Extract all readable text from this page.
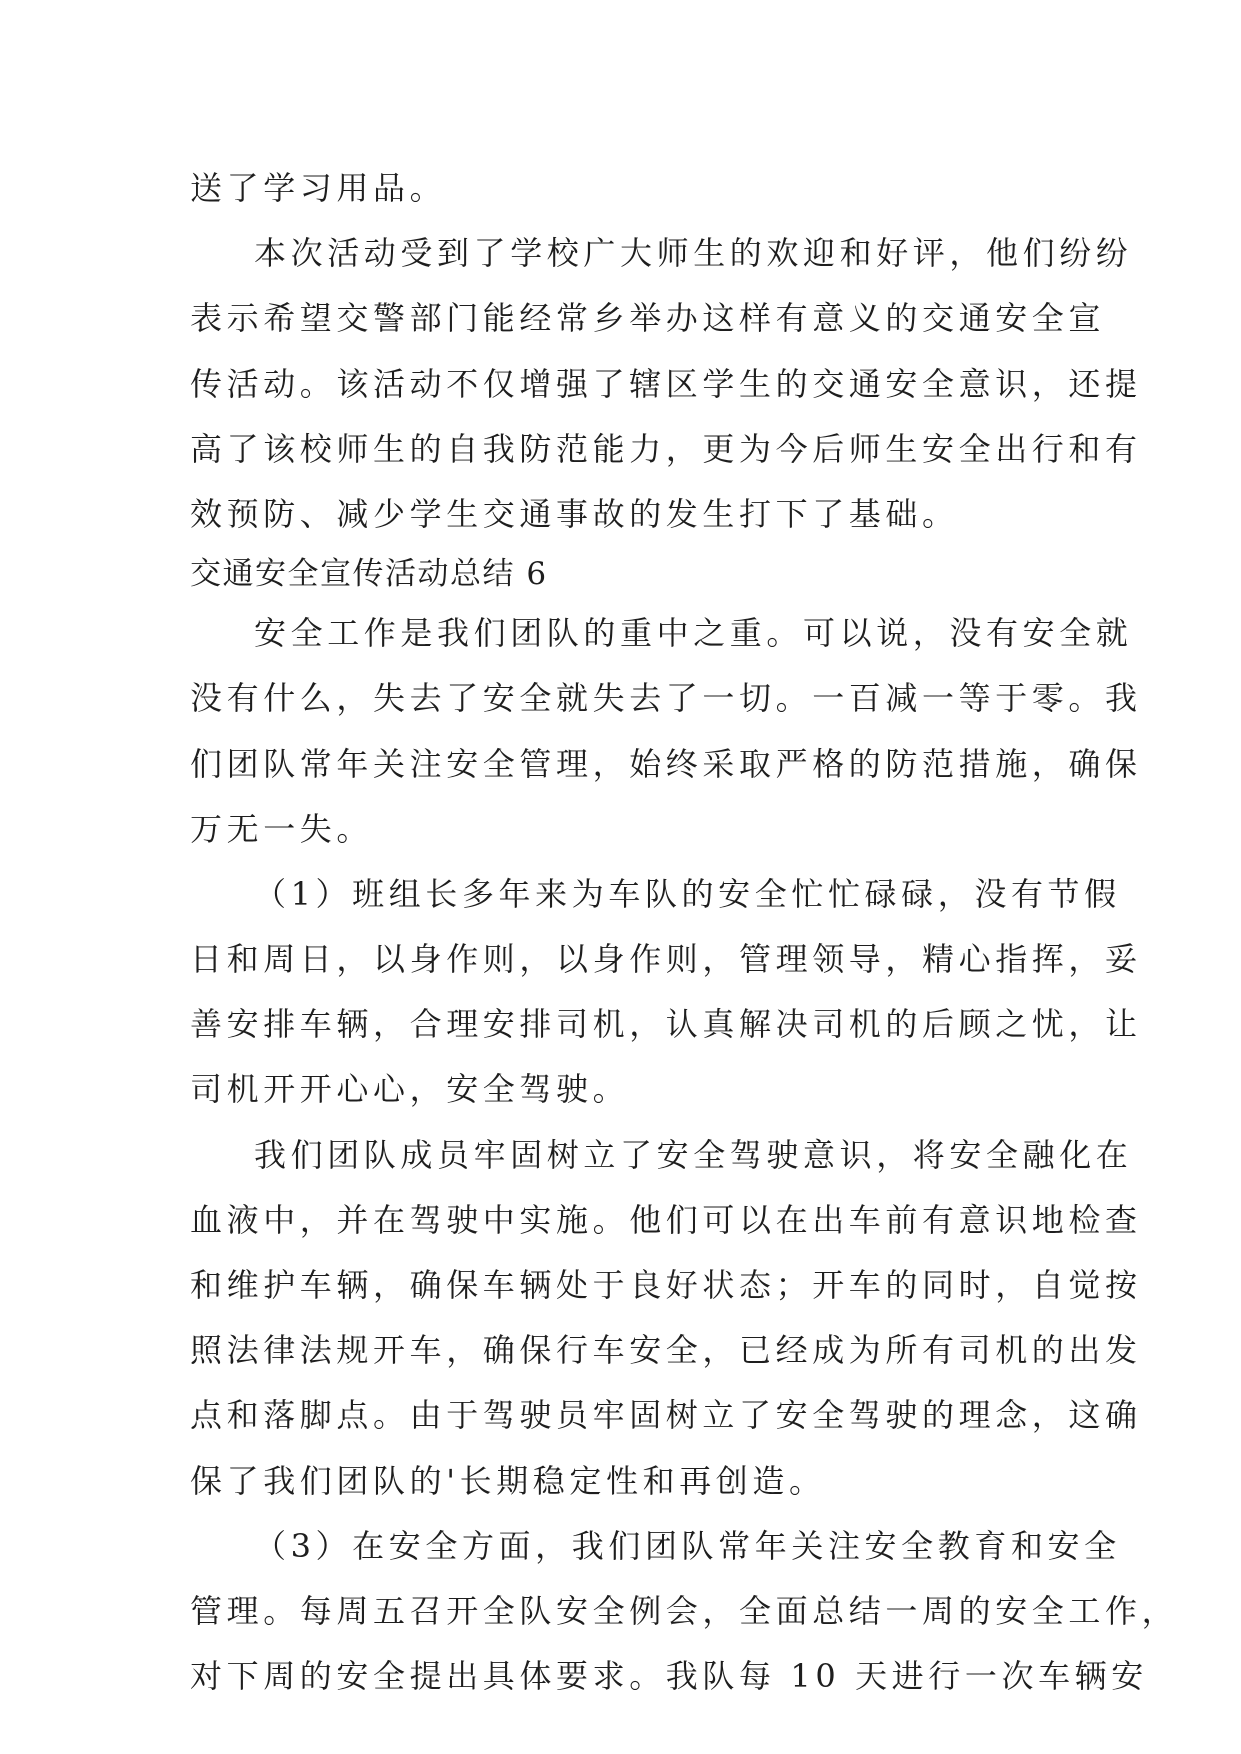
送了学习用品。
本次活动受到了学校广大师生的欢迎和好评，他们纷纷
表示希望交警部门能经常乡举办这样有意义的交通安全宣
传活动。该活动不仅增强了辖区学生的交通安全意识，还提
高了该校师生的自我防范能力，更为今后师生安全出行和有
效预防、减少学生交通事故的发生打下了基础。
交通安全宣传活动总结 6
安全工作是我们团队的重中之重。可以说，没有安全就
没有什么，失去了安全就失去了一切。一百减一等于零。我
们团队常年关注安全管理，始终采取严格的防范措施，确保
万无一失。
（1）班组长多年来为车队的安全忙忙碌碌，没有节假
日和周日，以身作则，以身作则，管理领导，精心指挥，妥
善安排车辆，合理安排司机，认真解决司机的后顾之忧，让
司机开开心心，安全驾驶。
我们团队成员牢固树立了安全驾驶意识，将安全融化在
血液中，并在驾驶中实施。他们可以在出车前有意识地检查
和维护车辆，确保车辆处于良好状态；开车的同时，自觉按
照法律法规开车，确保行车安全，已经成为所有司机的出发
点和落脚点。由于驾驶员牢固树立了安全驾驶的理念，这确
保了我们团队的'长期稳定性和再创造。
（3）在安全方面，我们团队常年关注安全教育和安全
管理。每周五召开全队安全例会，全面总结一周的安全工作，
对下周的安全提出具体要求。我队每 10 天进行一次车辆安
